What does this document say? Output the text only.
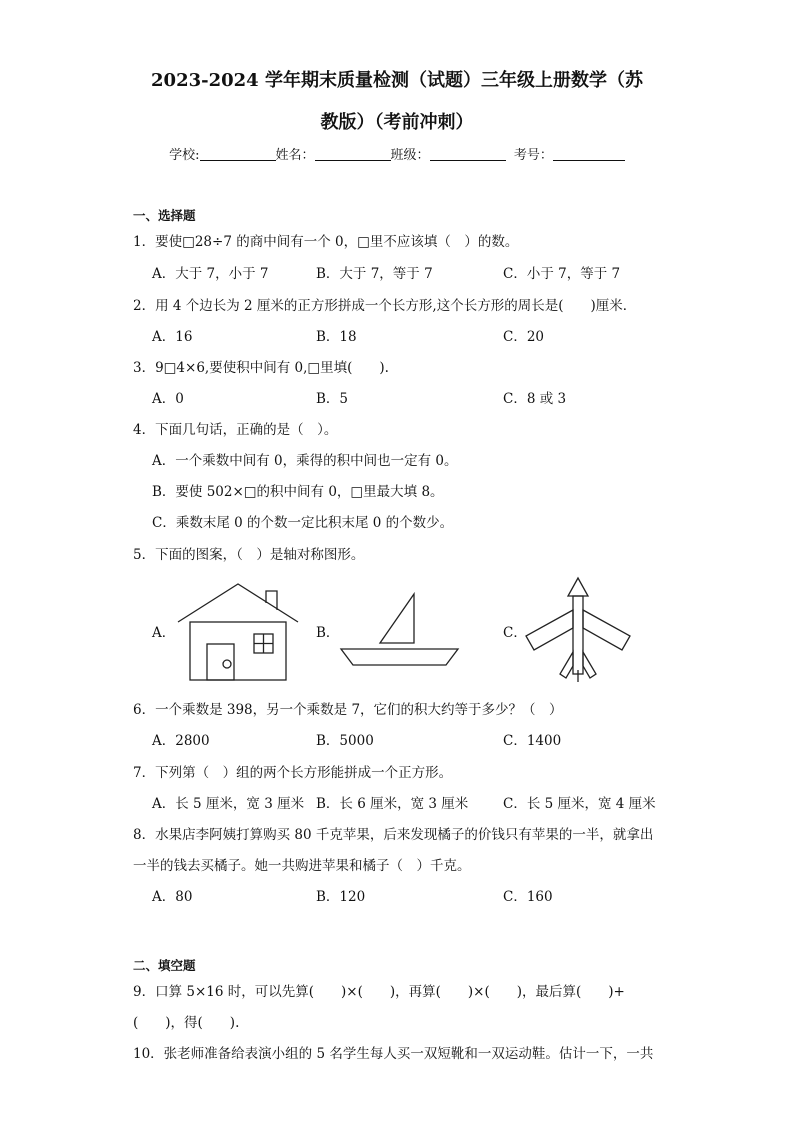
2023-2024 学年期末质量检测（试题）三年级上册数学（苏
教版）（考前冲刺）
学校:	姓名：	班级：	考号：
一、选择题
1．要使□28÷7 的商中间有一个 0，□里不应该填（　）的数。
A．大于 7，小于 7	B．大于 7，等于 7	C．小于 7，等于 7
2．用 4 个边长为 2 厘米的正方形拼成一个长方形,这个长方形的周长是(　　)厘米．
A．16	B．18	C．20
3．9□4×6,要使积中间有 0,□里填(　　).
A．0	B．5	C．8 或 3
4．下面几句话，正确的是（　）。
A．一个乘数中间有 0，乘得的积中间也一定有 0。
B．要使 502×□的积中间有 0，□里最大填 8。
C．乘数末尾 0 的个数一定比积末尾 0 的个数少。
5．下面的图案，（　）是轴对称图形。
A．	B．	C．
6．一个乘数是 398，另一个乘数是 7，它们的积大约等于多少？（　）
A．2800	B．5000	C．1400
7．下列第（　）组的两个长方形能拼成一个正方形。
A．长 5 厘米，宽 3 厘米 B．长 6 厘米，宽 3 厘米	C．长 5 厘米，宽 4 厘米
8．水果店李阿姨打算购买 80 千克苹果，后来发现橘子的价钱只有苹果的一半，就拿出
一半的钱去买橘子。她一共购进苹果和橘子（　）千克。
A．80	B．120	C．160
二、填空题
9．口算 5×16 时，可以先算(　　)×(　　)，再算(　　)×(　　)，最后算(　　)+
(　　)，得(　　).
10．张老师准备给表演小组的 5 名学生每人买一双短靴和一双运动鞋。估计一下，一共
